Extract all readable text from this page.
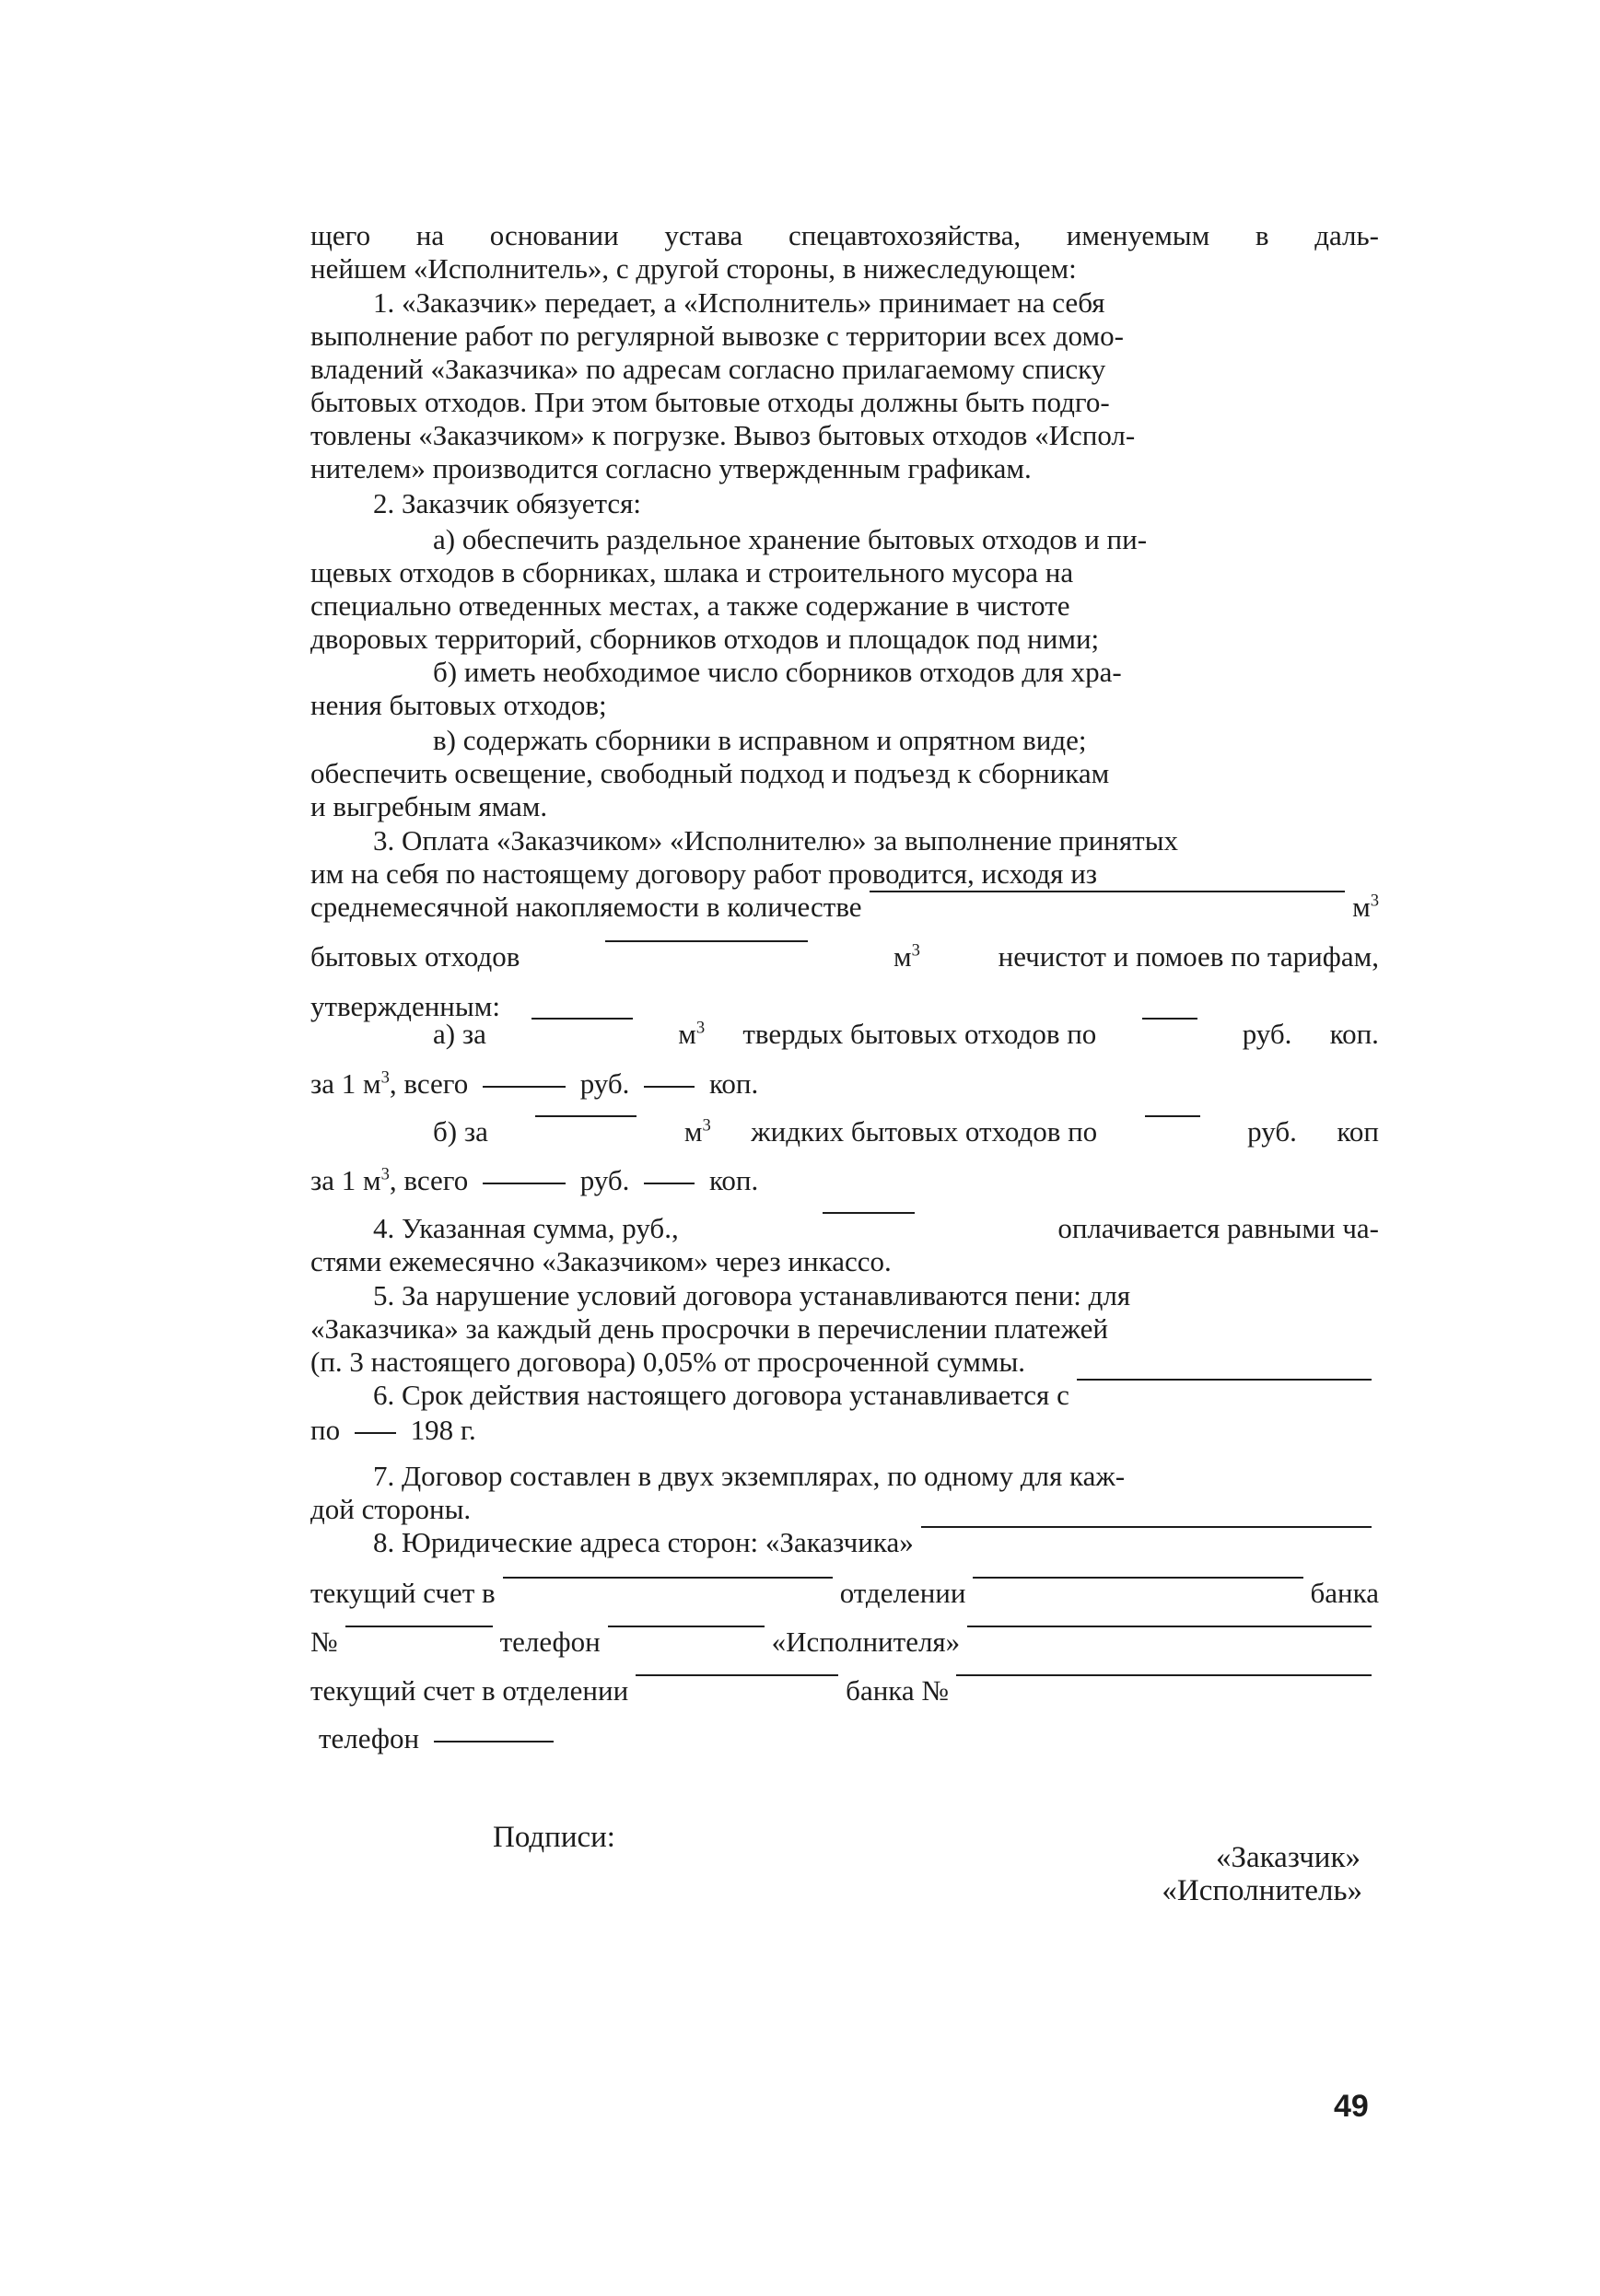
щего на основании устава спецавтохозяйства, именуемым в даль-
нейшем «Исполнитель», с другой стороны, в нижеследующем:
1. «Заказчик» передает, а «Исполнитель» принимает на себя
выполнение работ по регулярной вывозке с территории всех домо-
владений «Заказчика» по адресам согласно прилагаемому списку
бытовых отходов. При этом бытовые отходы должны быть подго-
товлены «Заказчиком» к погрузке. Вывоз бытовых отходов «Испол-
нителем» производится согласно утвержденным графикам.
2. Заказчик обязуется:
а) обеспечить раздельное хранение бытовых отходов и пи-
щевых отходов в сборниках, шлака и строительного мусора на
специально отведенных местах, а также содержание в чистоте
дворовых территорий, сборников отходов и площадок под ними;
б) иметь необходимое число сборников отходов для хра-
нения бытовых отходов;
в) содержать сборники в исправном и опрятном виде;
обеспечить освещение, свободный подход и подъезд к сборникам
и выгребным ямам.
3. Оплата «Заказчиком» «Исполнителю» за выполнение принятых
им на себя по настоящему договору работ проводится, исходя из
среднемесячной накопляемости в количестве	$м^3$
бытовых отходов	$м^3$	нечистот и помоев по тарифам,
утвержденным:
а) за	$м^3$ твердых бытовых отходов по	руб. коп.
за 1 $м^3$, всего	руб.	коп.
б) за	$м^3$ жидких бытовых отходов по	руб. коп
за 1 $м^3$, всего	руб.	коп.
4. Указанная сумма, руб.,	оплачивается равными ча-
стями ежемесячно «Заказчиком» через инкассо.
5. За нарушение условий договора устанавливаются пени: для
«Заказчика» за каждый день просрочки в перечислении платежей
(п. 3 настоящего договора) 0,05% от просроченной суммы.
6. Срок действия настоящего договора устанавливается с
по 198 г.
7. Договор составлен в двух экземплярах, по одному для каж-
дой стороны.
8. Юридические адреса сторон: «Заказчика»
текущий счет в	отделении	банка
№	телефон	«Исполнителя»
текущий счет в отделении	банка №
телефон
Подписи:
«Заказчик»
«Исполнитель»
49
